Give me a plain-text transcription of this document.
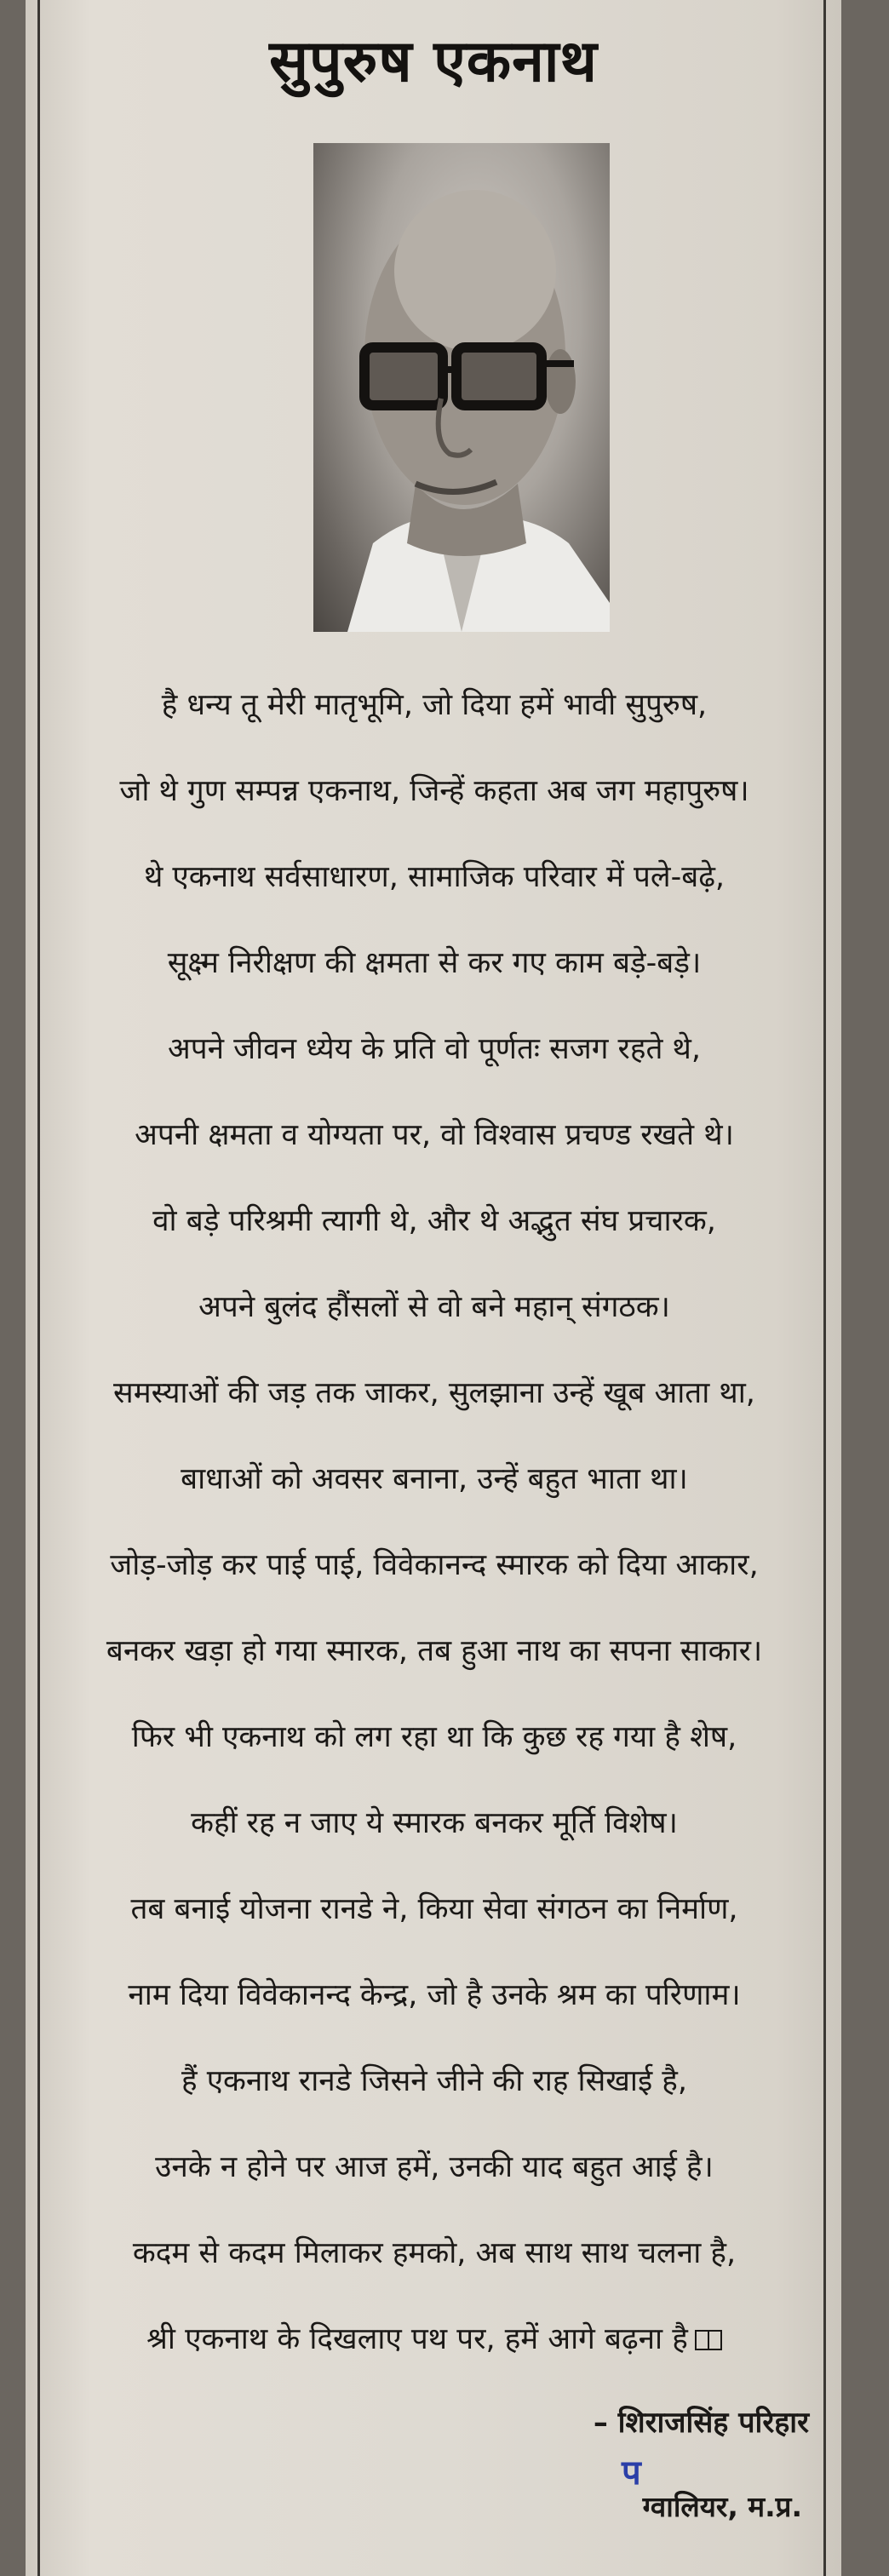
सुपुरुष एकनाथ
है धन्य तू मेरी मातृभूमि, जो दिया हमें भावी सुपुरुष,
जो थे गुण सम्पन्न एकनाथ, जिन्हें कहता अब जग महापुरुष।
थे एकनाथ सर्वसाधारण, सामाजिक परिवार में पले-बढ़े,
सूक्ष्म निरीक्षण की क्षमता से कर गए काम बड़े-बड़े।
अपने जीवन ध्येय के प्रति वो पूर्णतः सजग रहते थे,
अपनी क्षमता व योग्यता पर, वो विश्वास प्रचण्ड रखते थे।
वो बड़े परिश्रमी त्यागी थे, और थे अद्भुत संघ प्रचारक,
अपने बुलंद हौंसलों से वो बने महान् संगठक।
समस्याओं की जड़ तक जाकर, सुलझाना उन्हें खूब आता था,
बाधाओं को अवसर बनाना, उन्हें बहुत भाता था।
जोड़-जोड़ कर पाई पाई, विवेकानन्द स्मारक को दिया आकार,
बनकर खड़ा हो गया स्मारक, तब हुआ नाथ का सपना साकार।
फिर भी एकनाथ को लग रहा था कि कुछ रह गया है शेष,
कहीं रह न जाए ये स्मारक बनकर मूर्ति विशेष।
तब बनाई योजना रानडे ने, किया सेवा संगठन का निर्माण,
नाम दिया विवेकानन्द केन्द्र, जो है उनके श्रम का परिणाम।
हैं एकनाथ रानडे जिसने जीने की राह सिखाई है,
उनके न होने पर आज हमें, उनकी याद बहुत आई है।
कदम से कदम मिलाकर हमको, अब साथ साथ चलना है,
श्री एकनाथ के दिखलाए पथ पर, हमें आगे बढ़ना है
– शिराजसिंह परिहार
प
ग्वालियर, म.प्र.
